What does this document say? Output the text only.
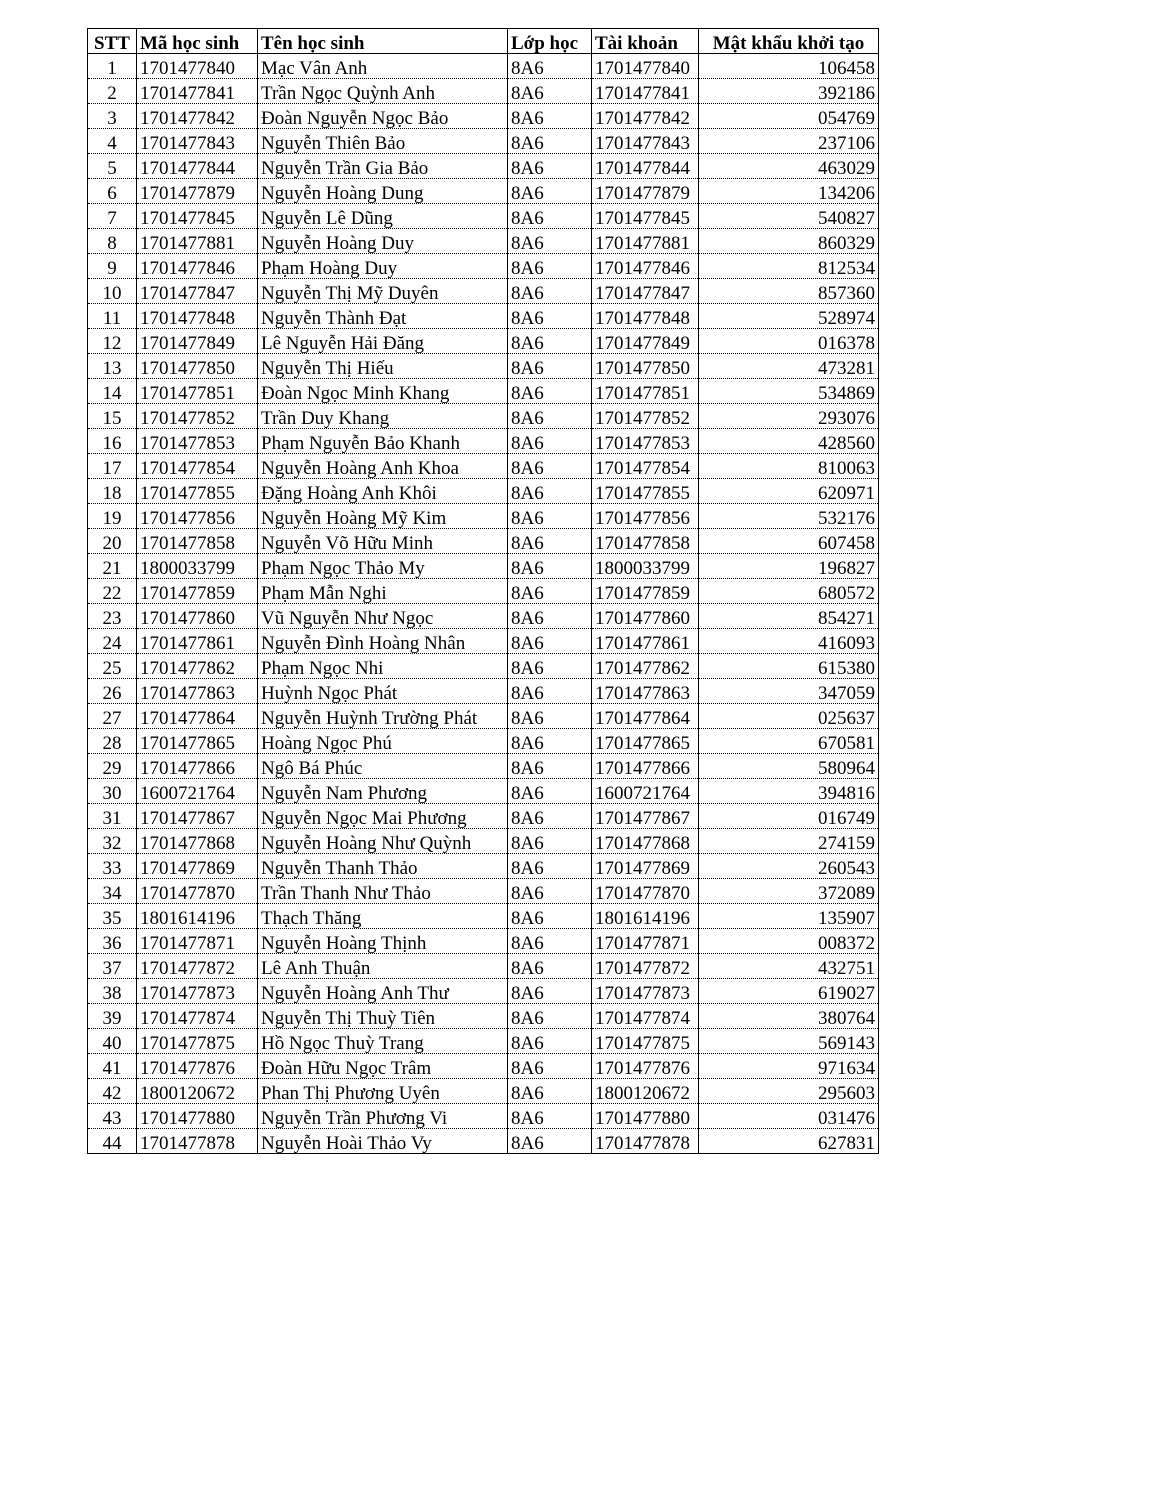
STT	Mã học sinh	Tên học sinh	Lớp học	Tài khoản	Mật khẩu khởi tạo
1	1701477840	Mạc Vân Anh	8A6	1701477840	106458
2	1701477841	Trần Ngọc Quỳnh Anh	8A6	1701477841	392186
3	1701477842	Đoàn Nguyễn Ngọc Bảo	8A6	1701477842	054769
4	1701477843	Nguyễn Thiên Bảo	8A6	1701477843	237106
5	1701477844	Nguyễn Trần Gia Bảo	8A6	1701477844	463029
6	1701477879	Nguyễn Hoàng Dung	8A6	1701477879	134206
7	1701477845	Nguyễn Lê Dũng	8A6	1701477845	540827
8	1701477881	Nguyễn Hoàng Duy	8A6	1701477881	860329
9	1701477846	Phạm Hoàng Duy	8A6	1701477846	812534
10	1701477847	Nguyễn Thị Mỹ Duyên	8A6	1701477847	857360
11	1701477848	Nguyễn Thành Đạt	8A6	1701477848	528974
12	1701477849	Lê Nguyễn Hải Đăng	8A6	1701477849	016378
13	1701477850	Nguyễn Thị Hiếu	8A6	1701477850	473281
14	1701477851	Đoàn Ngọc Minh Khang	8A6	1701477851	534869
15	1701477852	Trần Duy Khang	8A6	1701477852	293076
16	1701477853	Phạm Nguyễn Bảo Khanh	8A6	1701477853	428560
17	1701477854	Nguyễn Hoàng Anh Khoa	8A6	1701477854	810063
18	1701477855	Đặng Hoàng Anh Khôi	8A6	1701477855	620971
19	1701477856	Nguyễn Hoàng Mỹ Kim	8A6	1701477856	532176
20	1701477858	Nguyễn Võ Hữu Minh	8A6	1701477858	607458
21	1800033799	Phạm Ngọc Thảo My	8A6	1800033799	196827
22	1701477859	Phạm Mẫn Nghi	8A6	1701477859	680572
23	1701477860	Vũ Nguyễn Như Ngọc	8A6	1701477860	854271
24	1701477861	Nguyễn Đình Hoàng Nhân	8A6	1701477861	416093
25	1701477862	Phạm Ngọc Nhi	8A6	1701477862	615380
26	1701477863	Huỳnh Ngọc Phát	8A6	1701477863	347059
27	1701477864	Nguyễn Huỳnh Trường Phát	8A6	1701477864	025637
28	1701477865	Hoàng Ngọc Phú	8A6	1701477865	670581
29	1701477866	Ngô Bá Phúc	8A6	1701477866	580964
30	1600721764	Nguyễn Nam Phương	8A6	1600721764	394816
31	1701477867	Nguyễn Ngọc Mai Phương	8A6	1701477867	016749
32	1701477868	Nguyễn Hoàng Như Quỳnh	8A6	1701477868	274159
33	1701477869	Nguyễn Thanh Thảo	8A6	1701477869	260543
34	1701477870	Trần Thanh Như Thảo	8A6	1701477870	372089
35	1801614196	Thạch Thăng	8A6	1801614196	135907
36	1701477871	Nguyễn Hoàng Thịnh	8A6	1701477871	008372
37	1701477872	Lê Anh Thuận	8A6	1701477872	432751
38	1701477873	Nguyễn Hoàng Anh Thư	8A6	1701477873	619027
39	1701477874	Nguyễn Thị Thuỳ Tiên	8A6	1701477874	380764
40	1701477875	Hồ Ngọc Thuỳ Trang	8A6	1701477875	569143
41	1701477876	Đoàn Hữu Ngọc Trâm	8A6	1701477876	971634
42	1800120672	Phan Thị Phương Uyên	8A6	1800120672	295603
43	1701477880	Nguyễn Trần Phương Vi	8A6	1701477880	031476
44	1701477878	Nguyễn Hoài Thảo Vy	8A6	1701477878	627831
